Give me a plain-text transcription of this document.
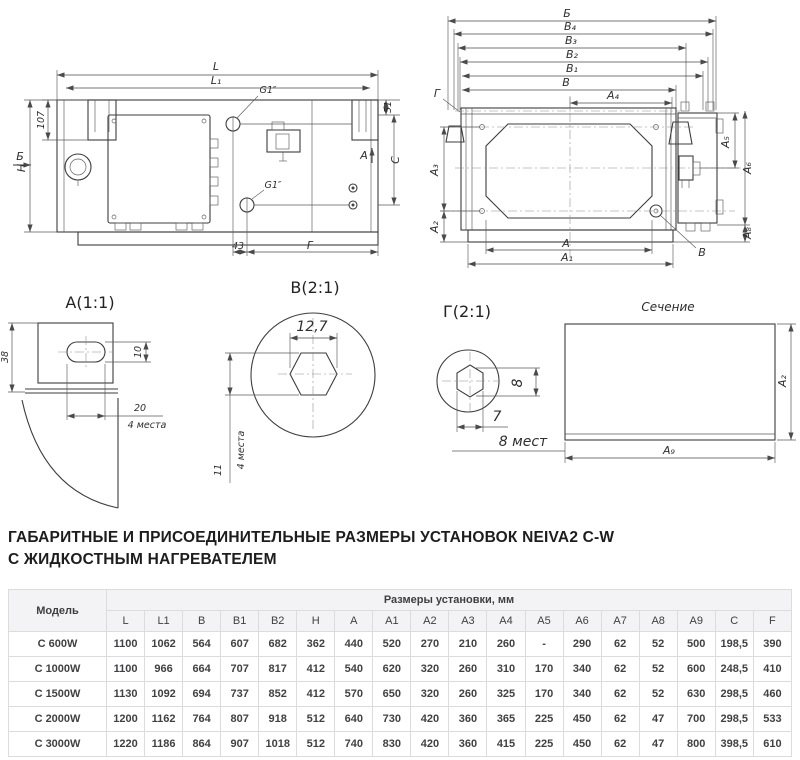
L
L₁
G1″
G1″
107
Б
H
51
A C
43	F
Б
B₄
B₃
B₂
B₁
B
A₄
Г
A₃
A₂
A
A₁
A₅
A₆
A₈
B
А(1:1)
38	10
20
4 места
В(2:1)
12,7
11
4 места
Г(2:1)
8
7
8 мест
Сечение
A₂
A₉
ГАБАРИТНЫЕ И ПРИСОЕДИНИТЕЛЬНЫЕ РАЗМЕРЫ УСТАНОВОК NEIVA2 C-W
С ЖИДКОСТНЫМ НАГРЕВАТЕЛЕМ
Модель	Размеры установки, мм																	
	L	L1	B	B1	B2	H	A	A1	A2	A3	A4	A5	A6	A7	A8	A9	C	F
C 600W	1100	1062	564	607	682	362	440	520	270	210	260	-	290	62	52	500	198,5	390
C 1000W	1100	966	664	707	817	412	540	620	320	260	310	170	340	62	52	600	248,5	410
C 1500W	1130	1092	694	737	852	412	570	650	320	260	325	170	340	62	52	630	298,5	460
C 2000W	1200	1162	764	807	918	512	640	730	420	360	365	225	450	62	47	700	298,5	533
C 3000W	1220	1186	864	907	1018	512	740	830	420	360	415	225	450	62	47	800	398,5	610
